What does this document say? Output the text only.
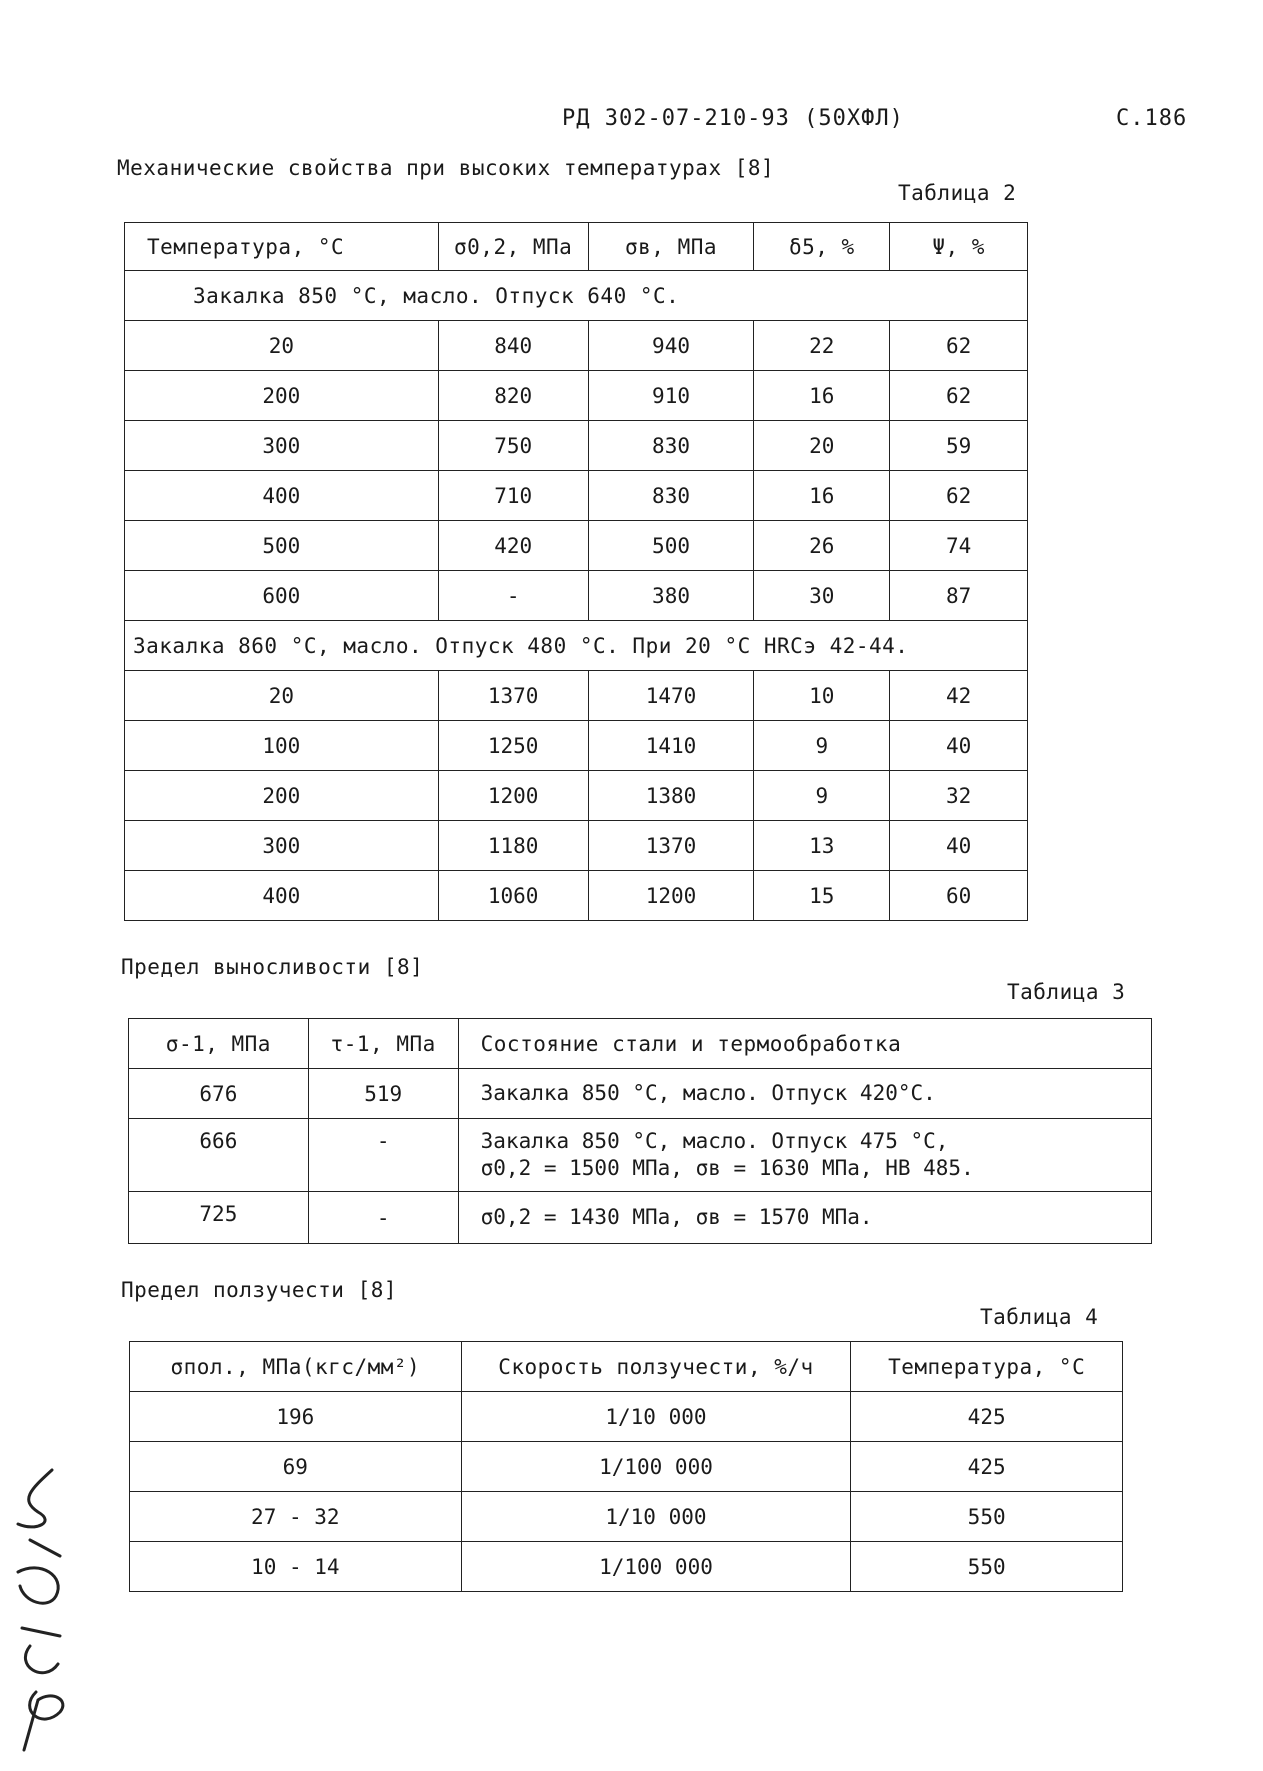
РД 302-07-210-93 (50ХФЛ)	С.186
Механические свойства при высоких температурах [8]
Таблица 2
Температура, °С	σ0,2, МПа	σв, МПа	δ5, %	Ψ, %
Закалка 850 °С, масло. Отпуск 640 °С.				
20	840	940	22	62
200	820	910	16	62
300	750	830	20	59
400	710	830	16	62
500	420	500	26	74
600	-	380	30	87
Закалка 860 °С, масло. Отпуск 480 °С. При 20 °С HRCэ 42-44.				
20	1370	1470	10	42
100	1250	1410	9	40
200	1200	1380	9	32
300	1180	1370	13	40
400	1060	1200	15	60
Предел выносливости [8]
Таблица 3
σ-1, МПа	τ-1, МПа	Состояние стали и термообработка
676	519	Закалка 850 °С, масло. Отпуск 420°С.
666	-	Закалка 850 °С, масло. Отпуск 475 °С,
σ0,2 = 1500 МПа, σв = 1630 МПа, НВ 485.

725	-	σ0,2 = 1430 МПа, σв = 1570 МПа.
Предел ползучести [8]
Таблица 4
σпол., МПа(кгс/мм²)	Скорость ползучести, %/ч	Температура, °С
196	1/10 000	425
69	1/100 000	425
27 - 32	1/10 000	550
10 - 14	1/100 000	550
